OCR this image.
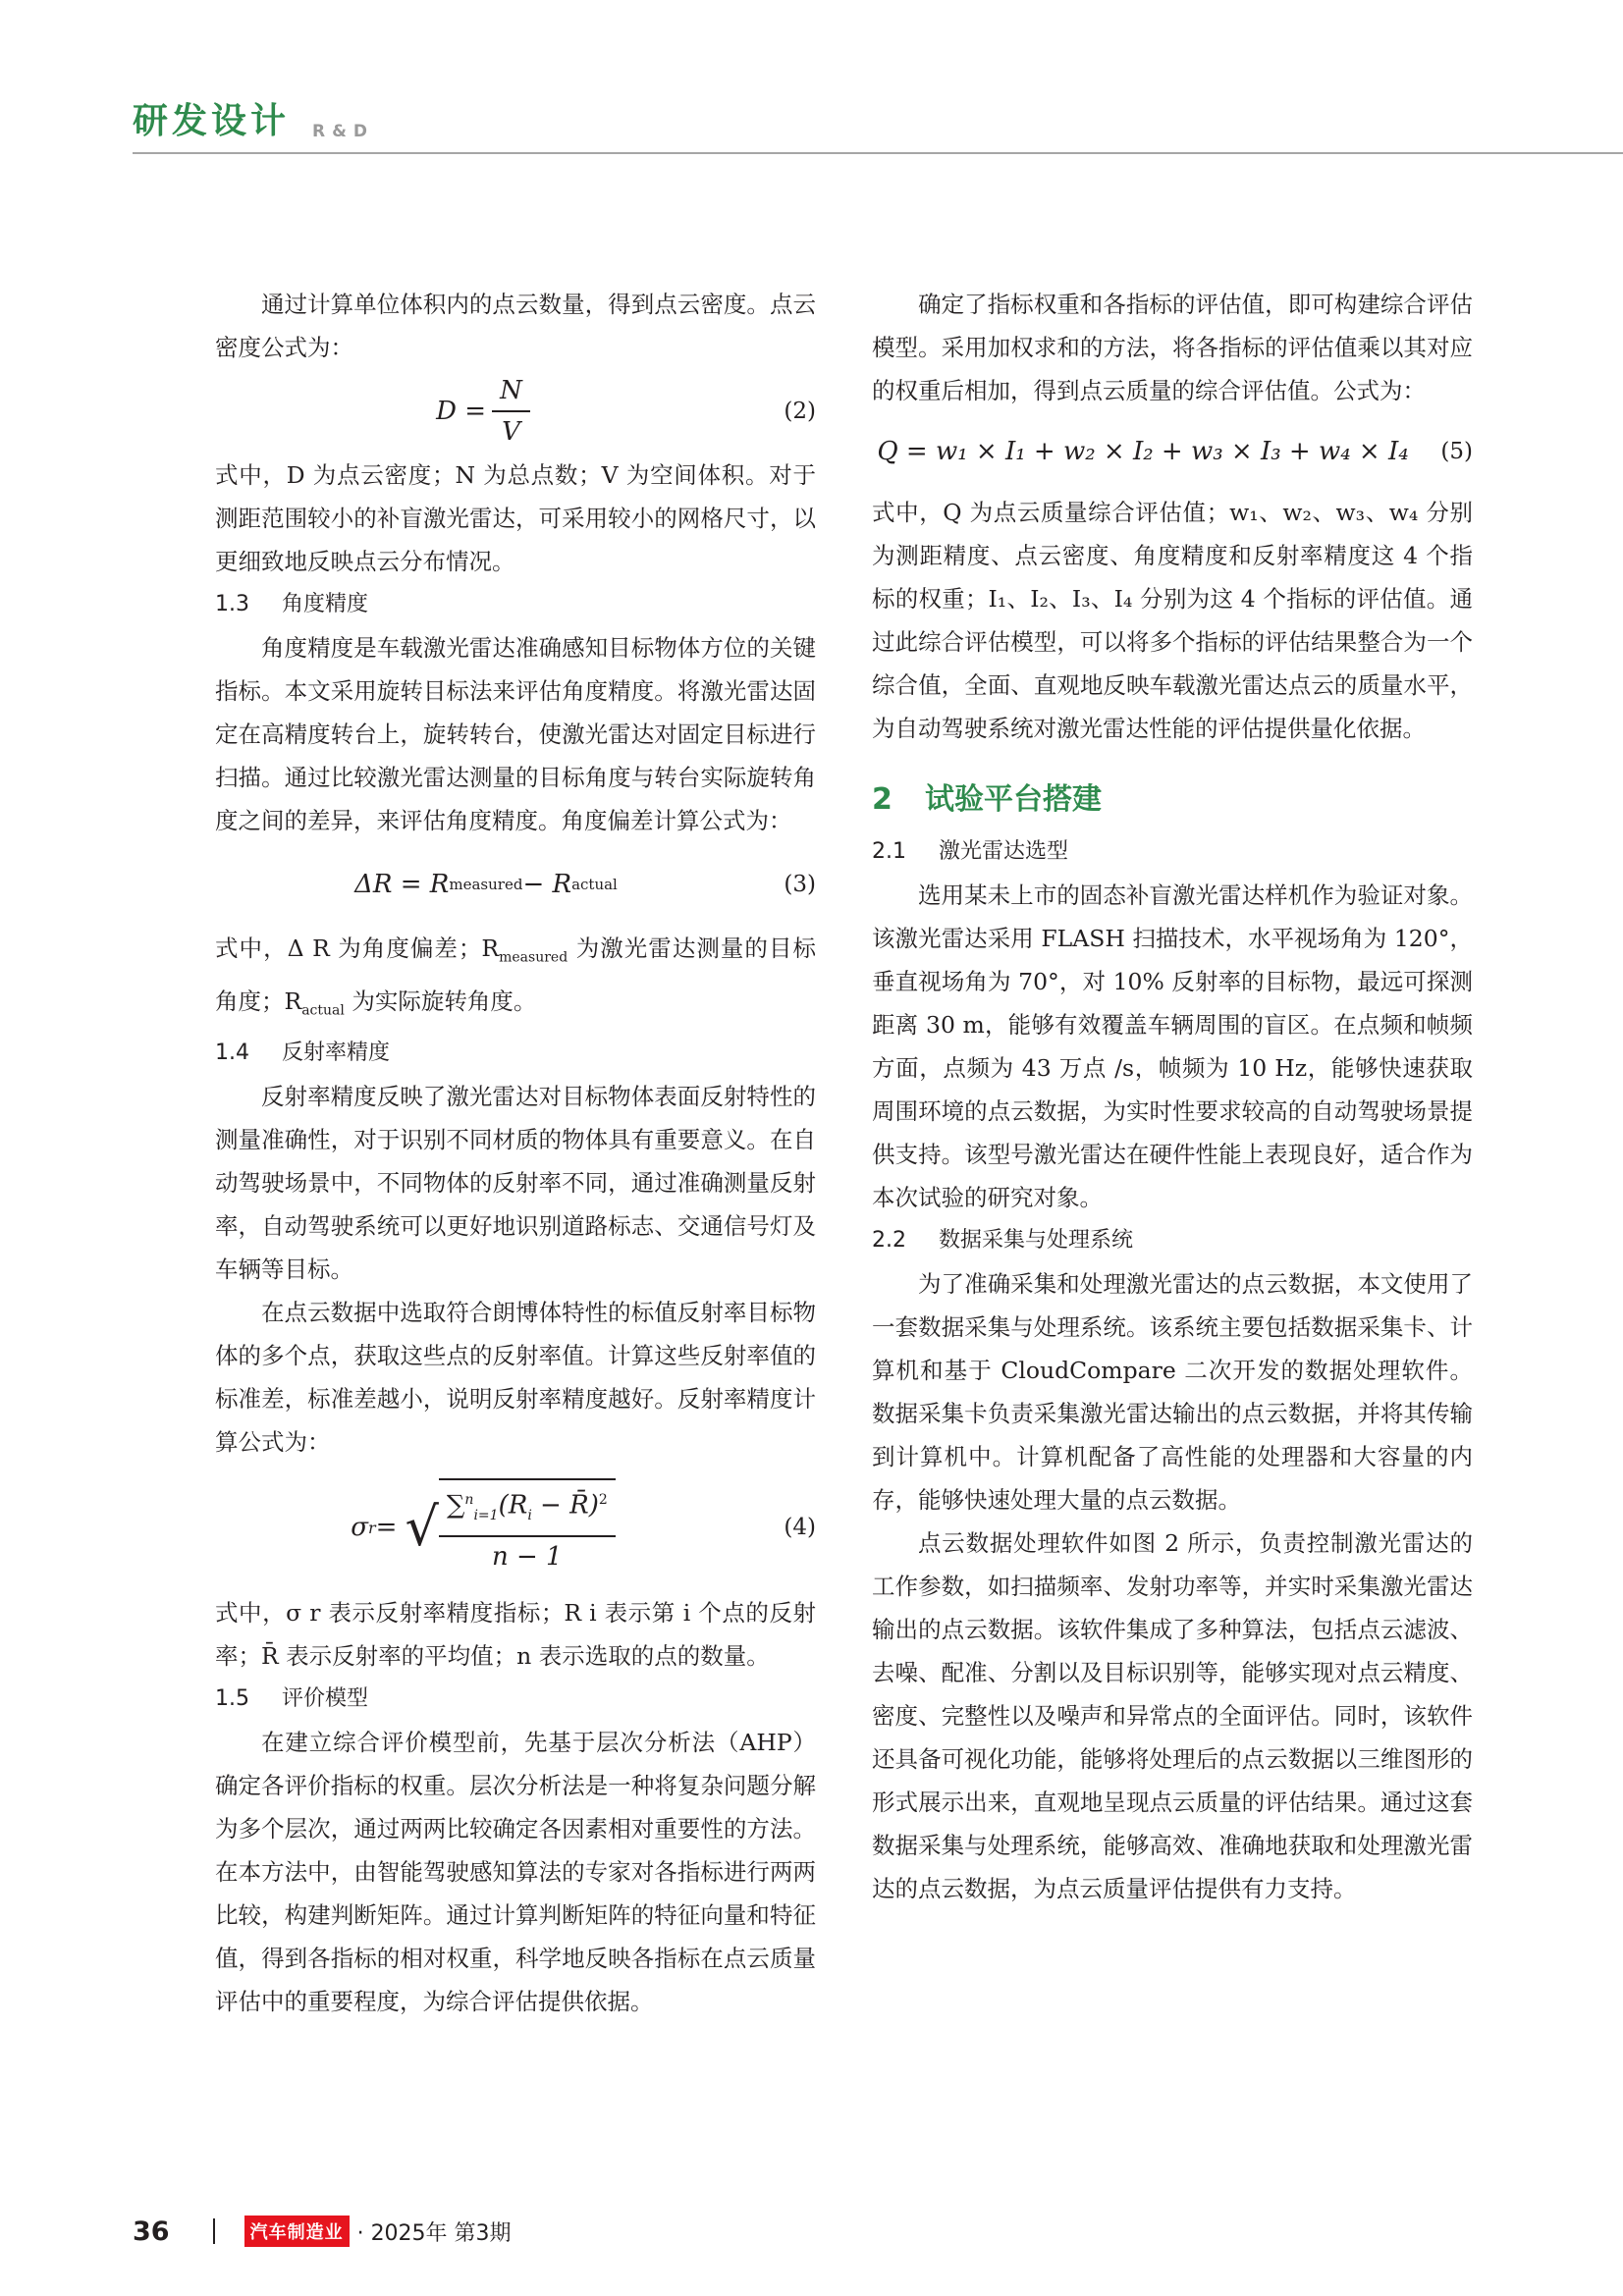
研发设计 R&D

通过计算单位体积内的点云数量，得到点云密度。点云密度公式为：

$D = \frac{N}{V}$	(2)

式中，D 为点云密度；N 为总点数；V 为空间体积。对于测距范围较小的补盲激光雷达，可采用较小的网格尺寸，以更细致地反映点云分布情况。

1.3 角度精度

角度精度是车载激光雷达准确感知目标物体方位的关键指标。本文采用旋转目标法来评估角度精度。将激光雷达固定在高精度转台上，旋转转台，使激光雷达对固定目标进行扫描。通过比较激光雷达测量的目标角度与转台实际旋转角度之间的差异，来评估角度精度。角度偏差计算公式为：

ΔR = R measured − R actual	(3)

式中，Δ R 为角度偏差；$R_{measured}$ 为激光雷达测量的目标角度；$R_{actual}$ 为实际旋转角度。

1.4 反射率精度

反射率精度反映了激光雷达对目标物体表面反射特性的测量准确性，对于识别不同材质的物体具有重要意义。在自动驾驶场景中，不同物体的反射率不同，通过准确测量反射率，自动驾驶系统可以更好地识别道路标志、交通信号灯及车辆等目标。

在点云数据中选取符合朗博体特性的标值反射率目标物体的多个点，获取这些点的反射率值。计算这些反射率值的标准差，标准差越小，说明反射率精度越好。反射率精度计算公式为：

σ r = √ $\frac{\sum^n_{i=1}(R_i - R̄)^2}{n - 1}$	(4)

式中，σ r 表示反射率精度指标；R i 表示第 i 个点的反射率；R̄ 表示反射率的平均值；n 表示选取的点的数量。

1.5 评价模型

在建立综合评价模型前，先基于层次分析法（AHP）确定各评价指标的权重。层次分析法是一种将复杂问题分解为多个层次，通过两两比较确定各因素相对重要性的方法。在本方法中，由智能驾驶感知算法的专家对各指标进行两两比较，构建判断矩阵。通过计算判断矩阵的特征向量和特征值，得到各指标的相对权重，科学地反映各指标在点云质量评估中的重要程度，为综合评估提供依据。

确定了指标权重和各指标的评估值，即可构建综合评估模型。采用加权求和的方法，将各指标的评估值乘以其对应的权重后相加，得到点云质量的综合评估值。公式为：

Q = w₁ × I₁ + w₂ × I₂ + w₃ × I₃ + w₄ × I₄ (5)

式中，Q 为点云质量综合评估值；w₁、w₂、w₃、w₄ 分别为测距精度、点云密度、角度精度和反射率精度这 4 个指标的权重；I₁、I₂、I₃、I₄ 分别为这 4 个指标的评估值。通过此综合评估模型，可以将多个指标的评估结果整合为一个综合值，全面、直观地反映车载激光雷达点云的质量水平，为自动驾驶系统对激光雷达性能的评估提供量化依据。

2 试验平台搭建
2.1 激光雷达选型

选用某未上市的固态补盲激光雷达样机作为验证对象。该激光雷达采用 FLASH 扫描技术，水平视场角为 120°，垂直视场角为 70°，对 10% 反射率的目标物，最远可探测距离 30 m，能够有效覆盖车辆周围的盲区。在点频和帧频方面，点频为 43 万点 /s，帧频为 10 Hz，能够快速获取周围环境的点云数据，为实时性要求较高的自动驾驶场景提供支持。该型号激光雷达在硬件性能上表现良好，适合作为本次试验的研究对象。

2.2 数据采集与处理系统

为了准确采集和处理激光雷达的点云数据，本文使用了一套数据采集与处理系统。该系统主要包括数据采集卡、计算机和基于 CloudCompare 二次开发的数据处理软件。数据采集卡负责采集激光雷达输出的点云数据，并将其传输到计算机中。计算机配备了高性能的处理器和大容量的内存，能够快速处理大量的点云数据。

点云数据处理软件如图 2 所示，负责控制激光雷达的工作参数，如扫描频率、发射功率等，并实时采集激光雷达输出的点云数据。该软件集成了多种算法，包括点云滤波、去噪、配准、分割以及目标识别等，能够实现对点云精度、密度、完整性以及噪声和异常点的全面评估。同时，该软件还具备可视化功能，能够将处理后的点云数据以三维图形的形式展示出来，直观地呈现点云质量的评估结果。通过这套数据采集与处理系统，能够高效、准确地获取和处理激光雷达的点云数据，为点云质量评估提供有力支持。

36	汽车制造业 · 2025年 第3期
